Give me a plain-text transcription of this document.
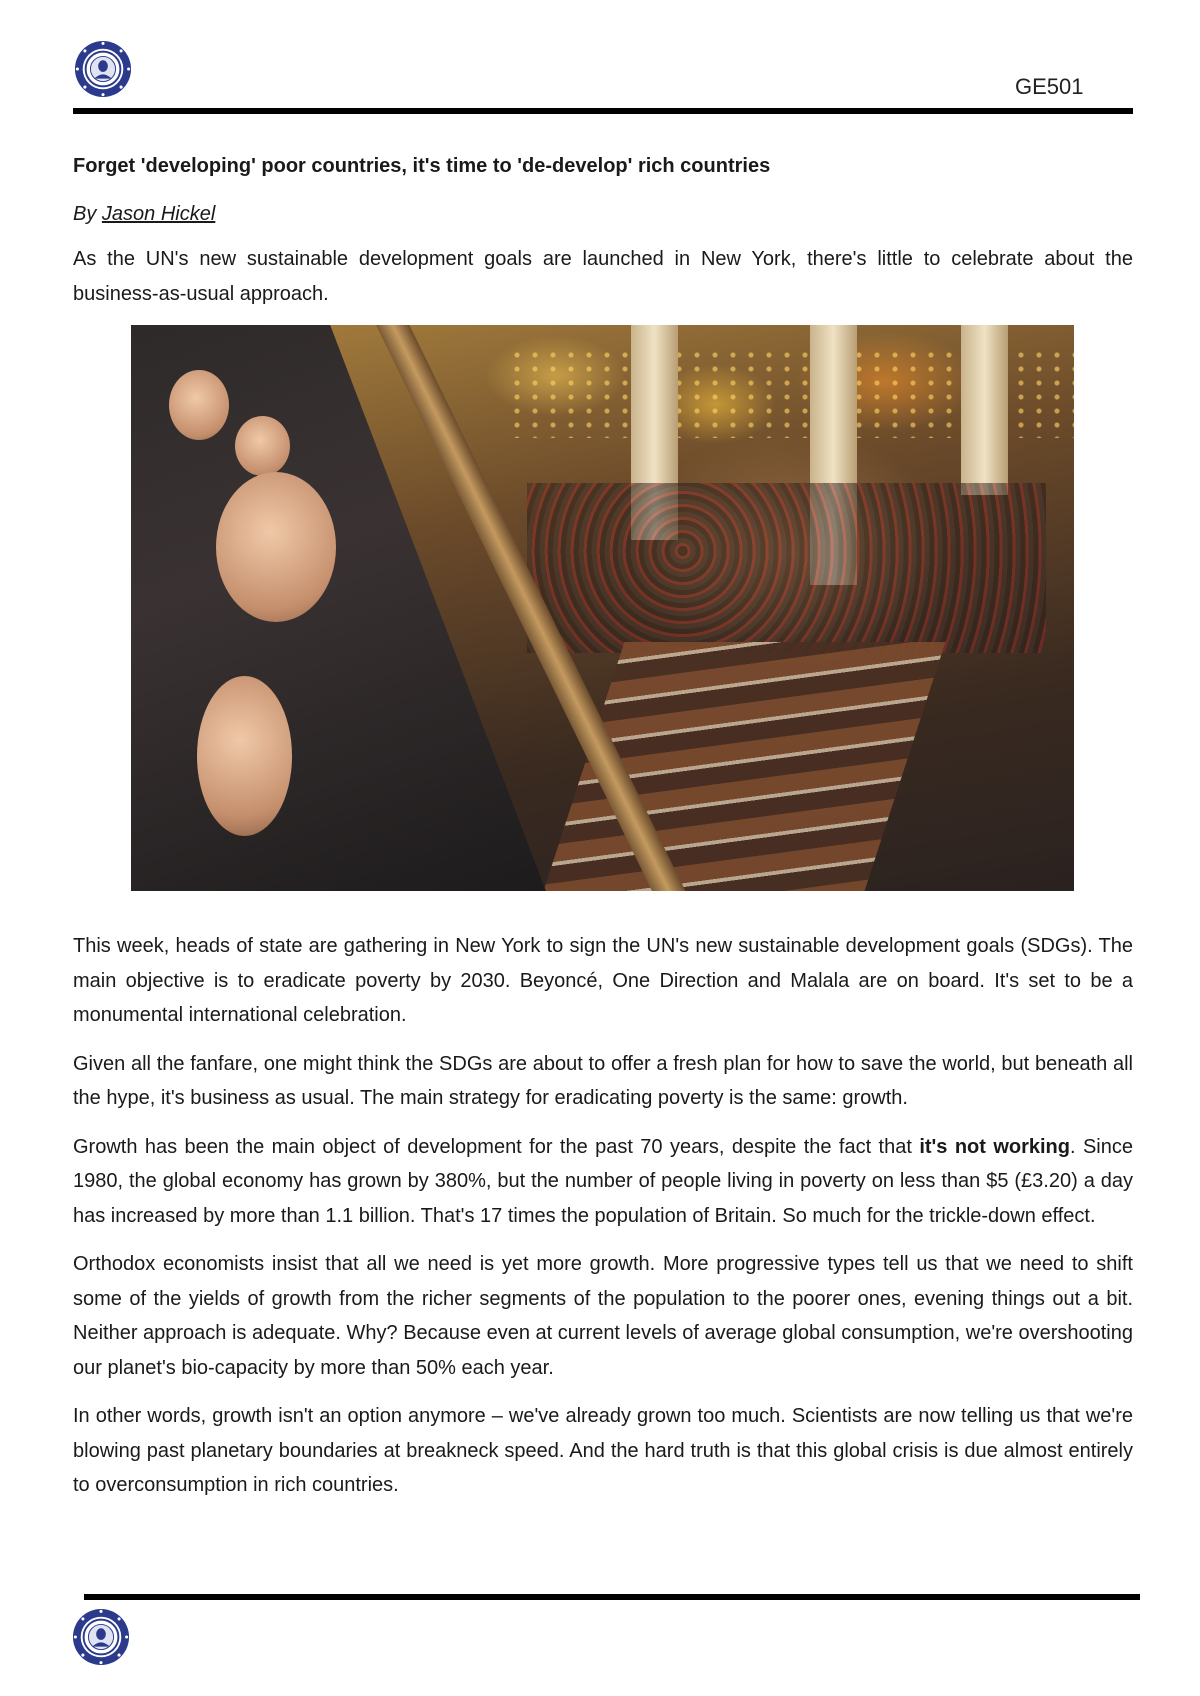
GE501
Forget 'developing' poor countries, it's time to 'de-develop' rich countries
By Jason Hickel

As the UN's new sustainable development goals are launched in New York, there's little to celebrate about the business-as-usual approach.

This week, heads of state are gathering in New York to sign the UN's new sustainable development goals (SDGs). The main objective is to eradicate poverty by 2030. Beyoncé, One Direction and Malala are on board. It's set to be a monumental international celebration.

Given all the fanfare, one might think the SDGs are about to offer a fresh plan for how to save the world, but beneath all the hype, it's business as usual. The main strategy for eradicating poverty is the same: growth.

Growth has been the main object of development for the past 70 years, despite the fact that it's not working. Since 1980, the global economy has grown by 380%, but the number of people living in poverty on less than $5 (£3.20) a day has increased by more than 1.1 billion. That's 17 times the population of Britain. So much for the trickle-down effect.

Orthodox economists insist that all we need is yet more growth. More progressive types tell us that we need to shift some of the yields of growth from the richer segments of the population to the poorer ones, evening things out a bit. Neither approach is adequate. Why? Because even at current levels of average global consumption, we're overshooting our planet's bio-capacity by more than 50% each year.

In other words, growth isn't an option anymore – we've already grown too much. Scientists are now telling us that we're blowing past planetary boundaries at breakneck speed. And the hard truth is that this global crisis is due almost entirely to overconsumption in rich countries.
